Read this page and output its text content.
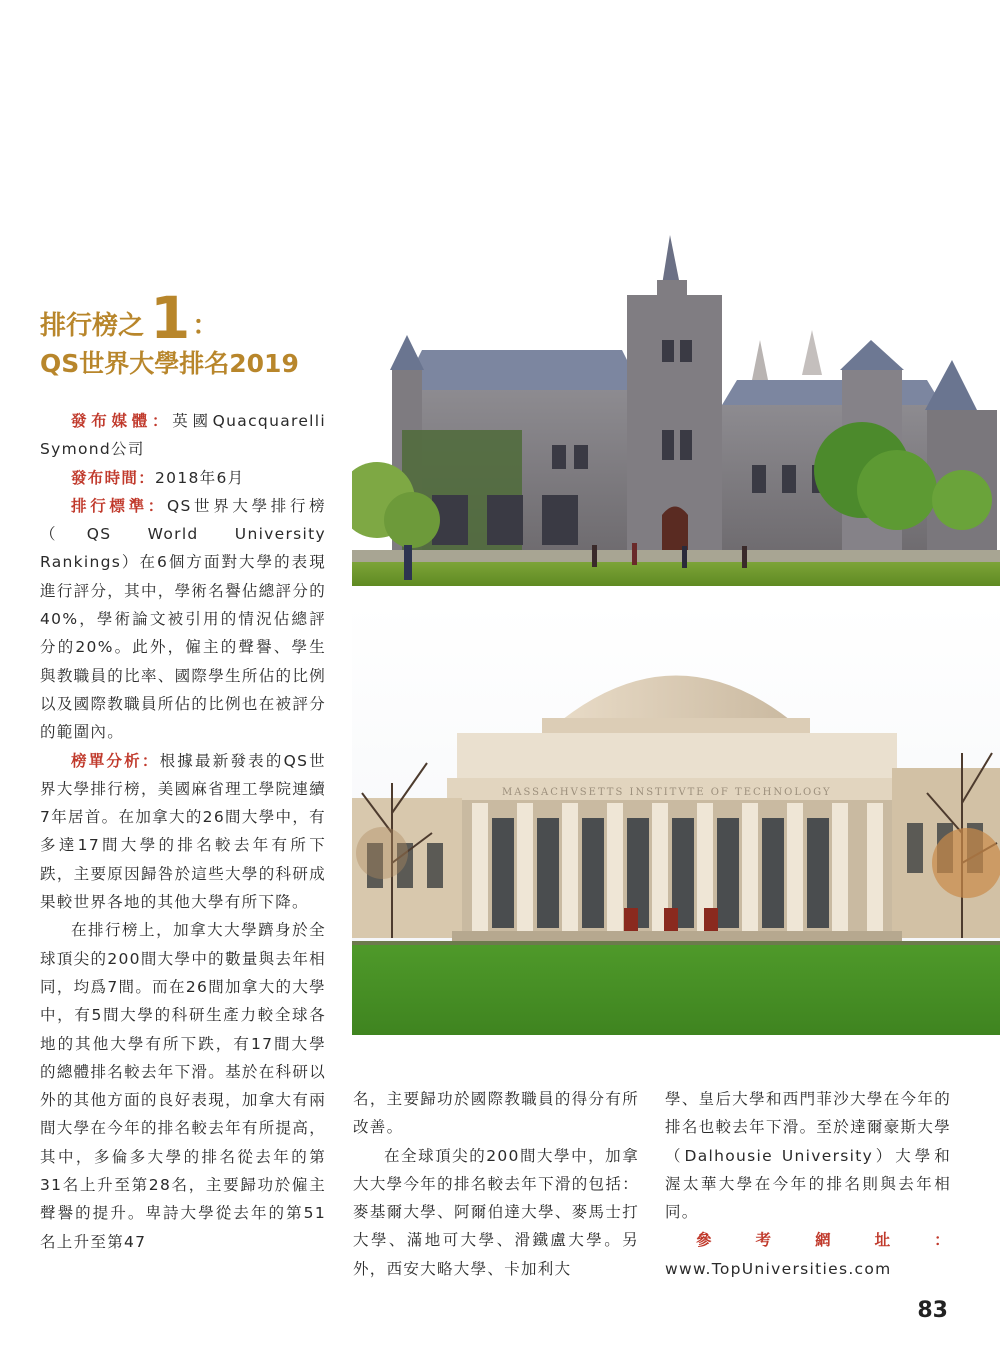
排行榜之 1：
QS世界大學排名2019

發布媒體：英國Quacquarelli Symond公司

發布時間：2018年6月

排行標準：QS世界大學排行榜（QS World University Rankings）在6個方面對大學的表現進行評分，其中，學術名譽佔總評分的40%，學術論文被引用的情況佔總評分的20%。此外，僱主的聲譽、學生與教職員的比率、國際學生所佔的比例以及國際教職員所佔的比例也在被評分的範圍內。

榜單分析：根據最新發表的QS世界大學排行榜，美國麻省理工學院連續7年居首。在加拿大的26間大學中，有多達17間大學的排名較去年有所下跌，主要原因歸咎於這些大學的科研成果較世界各地的其他大學有所下降。

在排行榜上，加拿大大學躋身於全球頂尖的200間大學中的數量與去年相同，均爲7間。而在26間加拿大的大學中，有5間大學的科研生產力較全球各地的其他大學有所下跌，有17間大學的總體排名較去年下滑。基於在科研以外的其他方面的良好表現，加拿大有兩間大學在今年的排名較去年有所提高，其中，多倫多大學的排名從去年的第31名上升至第28名，主要歸功於僱主聲譽的提升。卑詩大學從去年的第51名上升至第47

名，主要歸功於國際教職員的得分有所改善。

在全球頂尖的200間大學中，加拿大大學今年的排名較去年下滑的包括：麥基爾大學、阿爾伯達大學、麥馬士打大學、滿地可大學、滑鐵盧大學。另外，西安大略大學、卡加利大

學、皇后大學和西門菲沙大學在今年的排名也較去年下滑。至於達爾豪斯大學（Dalhousie University）大學和渥太華大學在今年的排名則與去年相同。

參考網址：www.TopUniversities.com

MASSACHVSETTS INSTITVTE OF TECHNOLOGY
83
